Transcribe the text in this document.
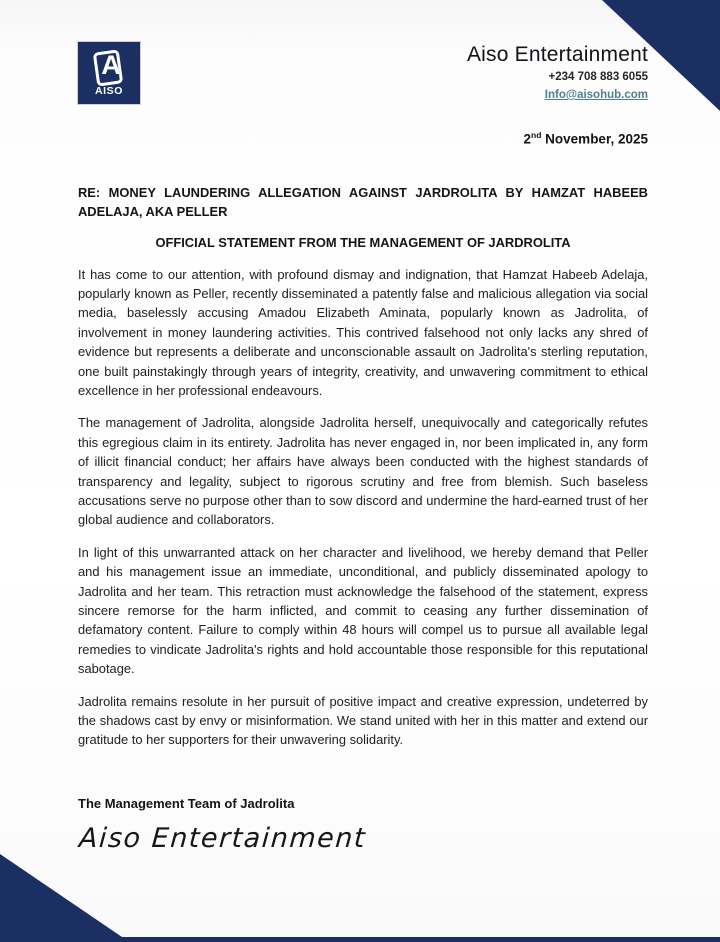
A
AISO
Aiso Entertainment
+234 708 883 6055
Info@aisohub.com
2nd November, 2025
RE: MONEY LAUNDERING ALLEGATION AGAINST JARDROLITA BY HAMZAT HABEEB ADELAJA, AKA PELLER
OFFICIAL STATEMENT FROM THE MANAGEMENT OF JARDROLITA

It has come to our attention, with profound dismay and indignation, that Hamzat Habeeb Adelaja, popularly known as Peller, recently disseminated a patently false and malicious allegation via social media, baselessly accusing Amadou Elizabeth Aminata, popularly known as Jadrolita, of involvement in money laundering activities. This contrived falsehood not only lacks any shred of evidence but represents a deliberate and unconscionable assault on Jadrolita's sterling reputation, one built painstakingly through years of integrity, creativity, and unwavering commitment to ethical excellence in her professional endeavours.

The management of Jadrolita, alongside Jadrolita herself, unequivocally and categorically refutes this egregious claim in its entirety. Jadrolita has never engaged in, nor been implicated in, any form of illicit financial conduct; her affairs have always been conducted with the highest standards of transparency and legality, subject to rigorous scrutiny and free from blemish. Such baseless accusations serve no purpose other than to sow discord and undermine the hard-earned trust of her global audience and collaborators.

In light of this unwarranted attack on her character and livelihood, we hereby demand that Peller and his management issue an immediate, unconditional, and publicly disseminated apology to Jadrolita and her team. This retraction must acknowledge the falsehood of the statement, express sincere remorse for the harm inflicted, and commit to ceasing any further dissemination of defamatory content. Failure to comply within 48 hours will compel us to pursue all available legal remedies to vindicate Jadrolita's rights and hold accountable those responsible for this reputational sabotage.

Jadrolita remains resolute in her pursuit of positive impact and creative expression, undeterred by the shadows cast by envy or misinformation. We stand united with her in this matter and extend our gratitude to her supporters for their unwavering solidarity.

The Management Team of Jadrolita
Aiso Entertainment
